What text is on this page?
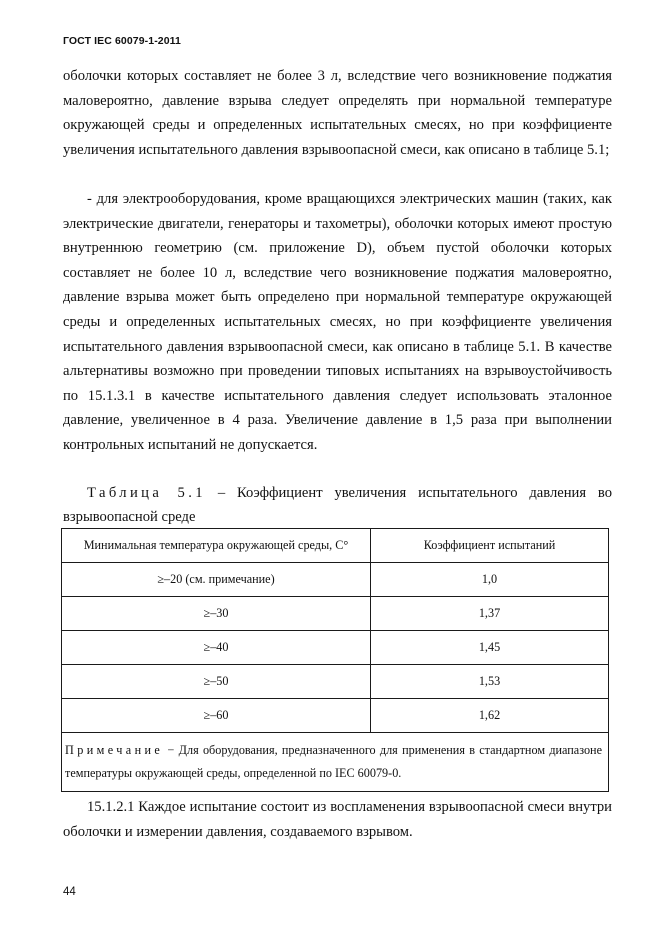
ГОСТ IEC 60079-1-2011

оболочки которых составляет не более 3 л, вследствие чего возникновение поджатия маловероятно, давление взрыва следует определять при нормальной температуре окружающей среды и определенных испытательных смесях, но при коэффициенте увеличения испытательного давления взрывоопасной смеси, как описано в таблице 5.1;

- для электрооборудования, кроме вращающихся электрических машин (таких, как электрические двигатели, генераторы и тахометры), оболочки которых имеют простую внутреннюю геометрию (см. приложение D), объем пустой оболочки которых составляет не более 10 л, вследствие чего возникновение поджатия маловероятно, давление взрыва может быть определено при нормальной температуре окружающей среды и определенных испытательных смесях, но при коэффициенте увеличения испытательного давления взрывоопасной смеси, как описано в таблице 5.1. В качестве альтернативы возможно при проведении типовых испытаниях на взрывоустойчивость по 15.1.3.1 в качестве испытательного давления следует использовать эталонное давление, увеличенное в 4 раза. Увеличение давление в 1,5 раза при выполнении контрольных испытаний не допускается.

Таблица 5.1 – Коэффициент увеличения испытательного давления во взрывоопасной среде

Минимальная температура окружающей среды, С°	Коэффициент испытаний
≥–20 (см. примечание)	1,0
≥–30	1,37
≥–40	1,45
≥–50	1,53
≥–60	1,62
Примечание − Для оборудования, предназначенного для применения в стандартном диапазоне температуры окружающей среды, определенной по IEC 60079-0.	

15.1.2.1 Каждое испытание состоит из воспламенения взрывоопасной смеси внутри оболочки и измерении давления, создаваемого взрывом.

44
